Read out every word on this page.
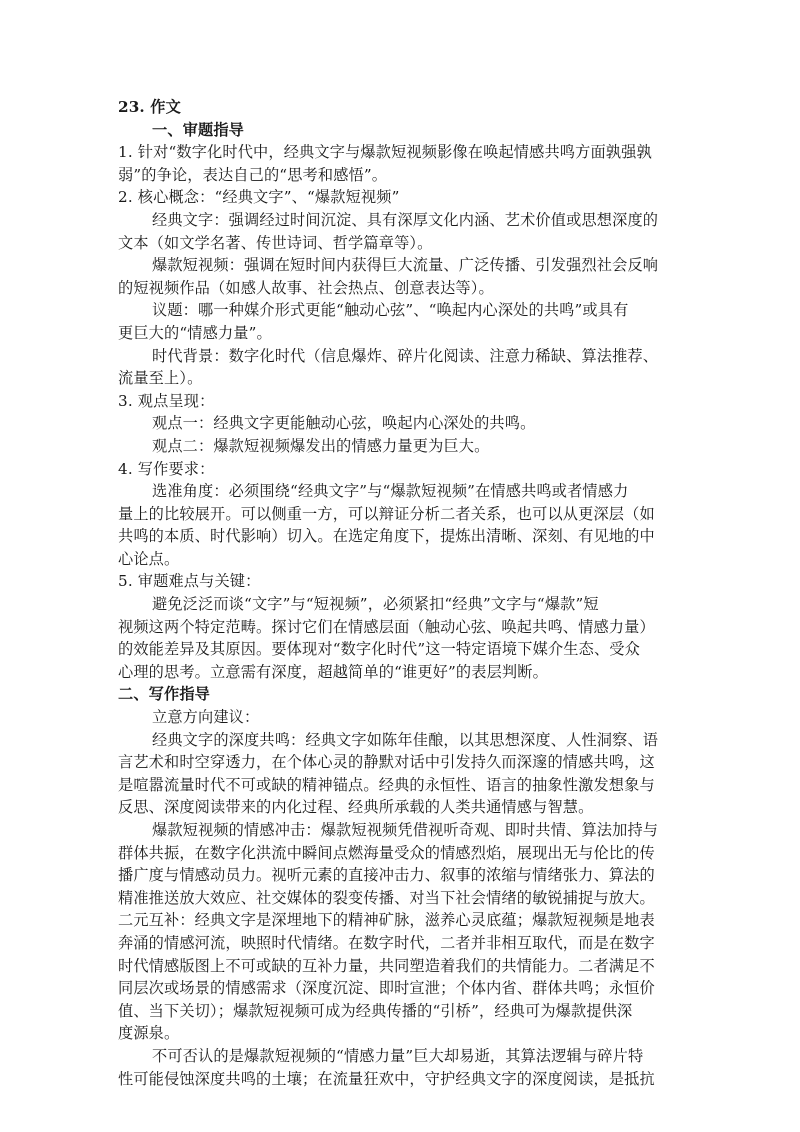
23. 作文
一、审题指导
1. 针对“数字化时代中，经典文字与爆款短视频影像在唤起情感共鸣方面孰强孰
弱”的争论，表达自己的“思考和感悟”。
2. 核心概念：“经典文字”、“爆款短视频”
经典文字：强调经过时间沉淀、具有深厚文化内涵、艺术价值或思想深度的
文本（如文学名著、传世诗词、哲学篇章等）。
爆款短视频：强调在短时间内获得巨大流量、广泛传播、引发强烈社会反响
的短视频作品（如感人故事、社会热点、创意表达等）。
议题：哪一种媒介形式更能“触动心弦”、“唤起内心深处的共鸣”或具有
更巨大的“情感力量”。
时代背景：数字化时代（信息爆炸、碎片化阅读、注意力稀缺、算法推荐、
流量至上）。
3. 观点呈现：
观点一：经典文字更能触动心弦，唤起内心深处的共鸣。
观点二：爆款短视频爆发出的情感力量更为巨大。
4. 写作要求：
选准角度：必须围绕“经典文字”与“爆款短视频”在情感共鸣或者情感力
量上的比较展开。可以侧重一方，可以辩证分析二者关系，也可以从更深层（如
共鸣的本质、时代影响）切入。在选定角度下，提炼出清晰、深刻、有见地的中
心论点。
5. 审题难点与关键：
避免泛泛而谈“文字”与“短视频”，必须紧扣“经典”文字与“爆款”短
视频这两个特定范畴。探讨它们在情感层面（触动心弦、唤起共鸣、情感力量）
的效能差异及其原因。要体现对“数字化时代”这一特定语境下媒介生态、受众
心理的思考。立意需有深度，超越简单的“谁更好”的表层判断。
二、写作指导
立意方向建议：
经典文字的深度共鸣：经典文字如陈年佳酿，以其思想深度、人性洞察、语
言艺术和时空穿透力，在个体心灵的静默对话中引发持久而深邃的情感共鸣，这
是喧嚣流量时代不可或缺的精神锚点。经典的永恒性、语言的抽象性激发想象与
反思、深度阅读带来的内化过程、经典所承载的人类共通情感与智慧。
爆款短视频的情感冲击：爆款短视频凭借视听奇观、即时共情、算法加持与
群体共振，在数字化洪流中瞬间点燃海量受众的情感烈焰，展现出无与伦比的传
播广度与情感动员力。视听元素的直接冲击力、叙事的浓缩与情绪张力、算法的
精准推送放大效应、社交媒体的裂变传播、对当下社会情绪的敏锐捕捉与放大。
二元互补：经典文字是深埋地下的精神矿脉，滋养心灵底蕴；爆款短视频是地表
奔涌的情感河流，映照时代情绪。在数字时代，二者并非相互取代，而是在数字
时代情感版图上不可或缺的互补力量，共同塑造着我们的共情能力。二者满足不
同层次或场景的情感需求（深度沉淀、即时宣泄；个体内省、群体共鸣；永恒价
值、当下关切）；爆款短视频可成为经典传播的“引桥”，经典可为爆款提供深
度源泉。
不可否认的是爆款短视频的“情感力量”巨大却易逝，其算法逻辑与碎片特
性可能侵蚀深度共鸣的土壤；在流量狂欢中，守护经典文字的深度阅读，是抵抗
